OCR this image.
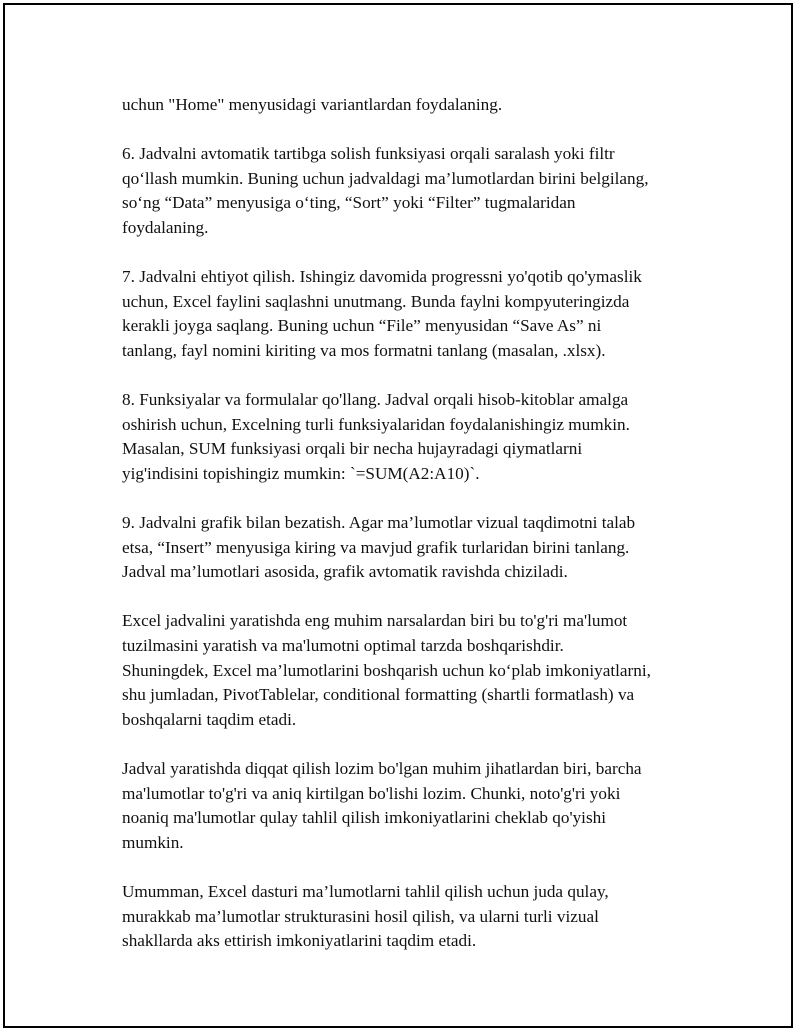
uchun "Home" menyusidagi variantlardan foydalaning.

6. Jadvalni avtomatik tartibga solish funksiyasi orqali saralash yoki filtr
qo‘llash mumkin. Buning uchun jadvaldagi ma’lumotlardan birini belgilang,
so‘ng “Data” menyusiga o‘ting, “Sort” yoki “Filter” tugmalaridan
foydalaning.

7. Jadvalni ehtiyot qilish. Ishingiz davomida progressni yo'qotib qo'ymaslik
uchun, Excel faylini saqlashni unutmang. Bunda faylni kompyuteringizda
kerakli joyga saqlang. Buning uchun “File” menyusidan “Save As” ni
tanlang, fayl nomini kiriting va mos formatni tanlang (masalan, .xlsx).

8. Funksiyalar va formulalar qo'llang. Jadval orqali hisob-kitoblar amalga
oshirish uchun, Excelning turli funksiyalaridan foydalanishingiz mumkin.
Masalan, SUM funksiyasi orqali bir necha hujayradagi qiymatlarni
yig'indisini topishingiz mumkin: `=SUM(A2:A10)`.

9. Jadvalni grafik bilan bezatish. Agar ma’lumotlar vizual taqdimotni talab
etsa, “Insert” menyusiga kiring va mavjud grafik turlaridan birini tanlang.
Jadval ma’lumotlari asosida, grafik avtomatik ravishda chiziladi.

Excel jadvalini yaratishda eng muhim narsalardan biri bu to'g'ri ma'lumot
tuzilmasini yaratish va ma'lumotni optimal tarzda boshqarishdir.
Shuningdek, Excel ma’lumotlarini boshqarish uchun ko‘plab imkoniyatlarni,
shu jumladan, PivotTablelar, conditional formatting (shartli formatlash) va
boshqalarni taqdim etadi.

Jadval yaratishda diqqat qilish lozim bo'lgan muhim jihatlardan biri, barcha
ma'lumotlar to'g'ri va aniq kirtilgan bo'lishi lozim. Chunki, noto'g'ri yoki
noaniq ma'lumotlar qulay tahlil qilish imkoniyatlarini cheklab qo'yishi
mumkin.

Umumman, Excel dasturi ma’lumotlarni tahlil qilish uchun juda qulay,
murakkab ma’lumotlar strukturasini hosil qilish, va ularni turli vizual
shakllarda aks ettirish imkoniyatlarini taqdim etadi.
